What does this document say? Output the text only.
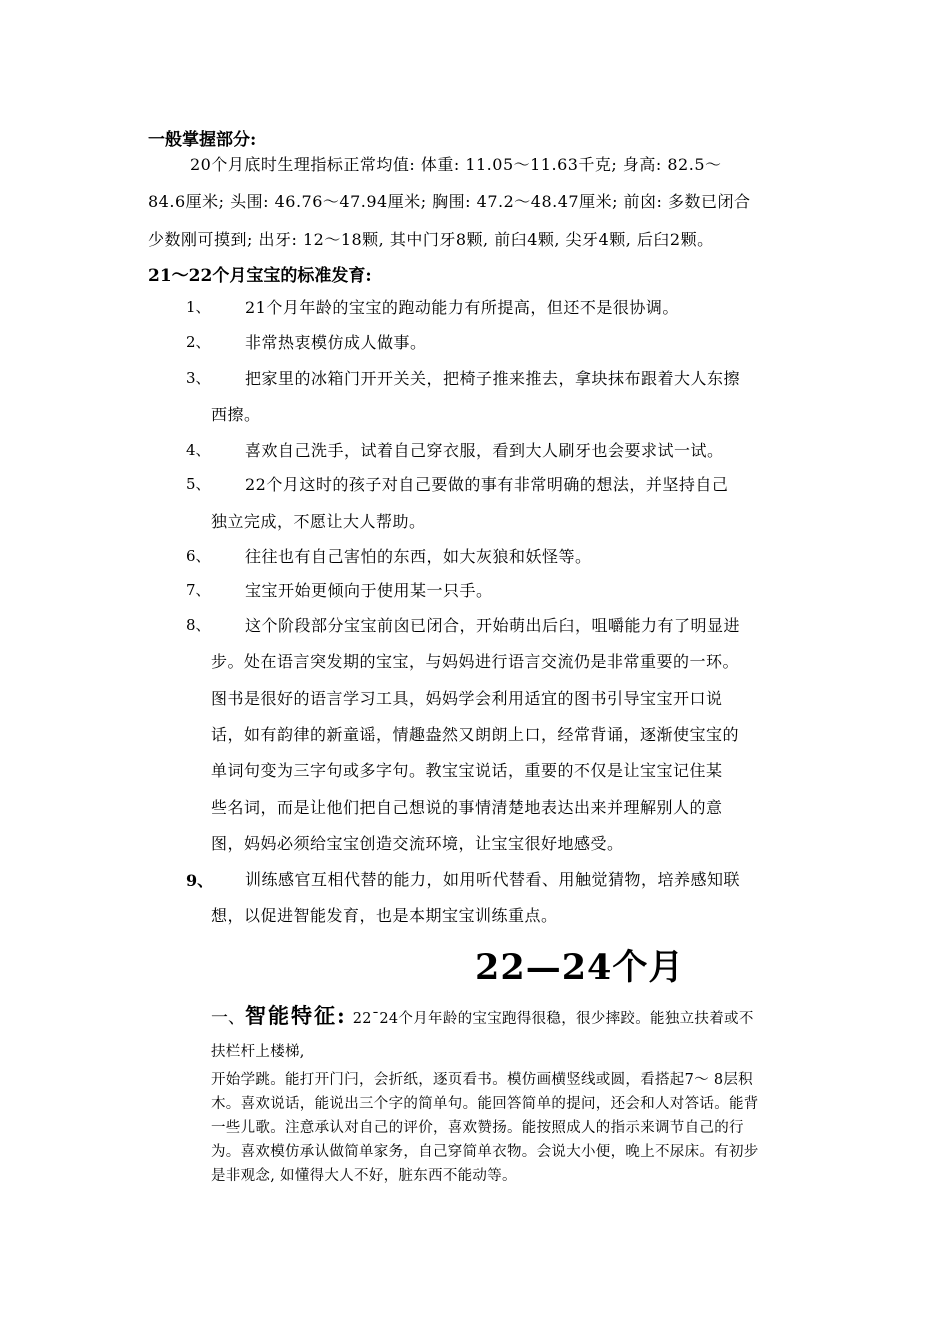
一般掌握部分:
20个月底时生理指标正常均值: 体重: 11.05～11.63千克; 身高: 82.5～
84.6厘米; 头围: 46.76～47.94厘米; 胸围: 47.2～48.47厘米; 前囟: 多数已闭合
少数刚可摸到; 出牙: 12～18颗, 其中门牙8颗, 前臼4颗, 尖牙4颗, 后臼2颗。
21～22个月宝宝的标准发育:
1、 21个月年龄的宝宝的跑动能力有所提高，但还不是很协调。
2、 非常热衷模仿成人做事。
3、 把家里的冰箱门开开关关，把椅子推来推去，拿块抹布跟着大人东擦
西擦。
4、 喜欢自己洗手，试着自己穿衣服，看到大人刷牙也会要求试一试。
5、 22个月这时的孩子对自己要做的事有非常明确的想法，并坚持自己
独立完成，不愿让大人帮助。
6、 往往也有自己害怕的东西，如大灰狼和妖怪等。
7、 宝宝开始更倾向于使用某一只手。
8、 这个阶段部分宝宝前囟已闭合，开始萌出后臼，咀嚼能力有了明显进
步。处在语言突发期的宝宝，与妈妈进行语言交流仍是非常重要的一环。
图书是很好的语言学习工具，妈妈学会利用适宜的图书引导宝宝开口说
话，如有韵律的新童谣，情趣盎然又朗朗上口，经常背诵，逐渐使宝宝的
单词句变为三字句或多字句。教宝宝说话，重要的不仅是让宝宝记住某
些名词，而是让他们把自己想说的事情清楚地表达出来并理解别人的意
图，妈妈必须给宝宝创造交流环境，让宝宝很好地感受。
9、 训练感官互相代替的能力，如用听代替看、用触觉猜物，培养感知联
想，以促进智能发育，也是本期宝宝训练重点。
22—24个月
一、 智能特征: 22¯24个月年龄的宝宝跑得很稳，很少摔跤。能独立扶着或不
扶栏杆上楼梯,
开始学跳。能打开门闩，会折纸，逐页看书。模仿画横竖线或圆，看搭起7～ 8层积
木。喜欢说话，能说出三个字的简单句。能回答简单的提问，还会和人对答话。能背
一些儿歌。注意承认对自己的评价，喜欢赞扬。能按照成人的指示来调节自己的行
为。喜欢模仿承认做简单家务，自己穿简单衣物。会说大小便，晚上不尿床。有初步
是非观念, 如懂得大人不好，脏东西不能动等。
